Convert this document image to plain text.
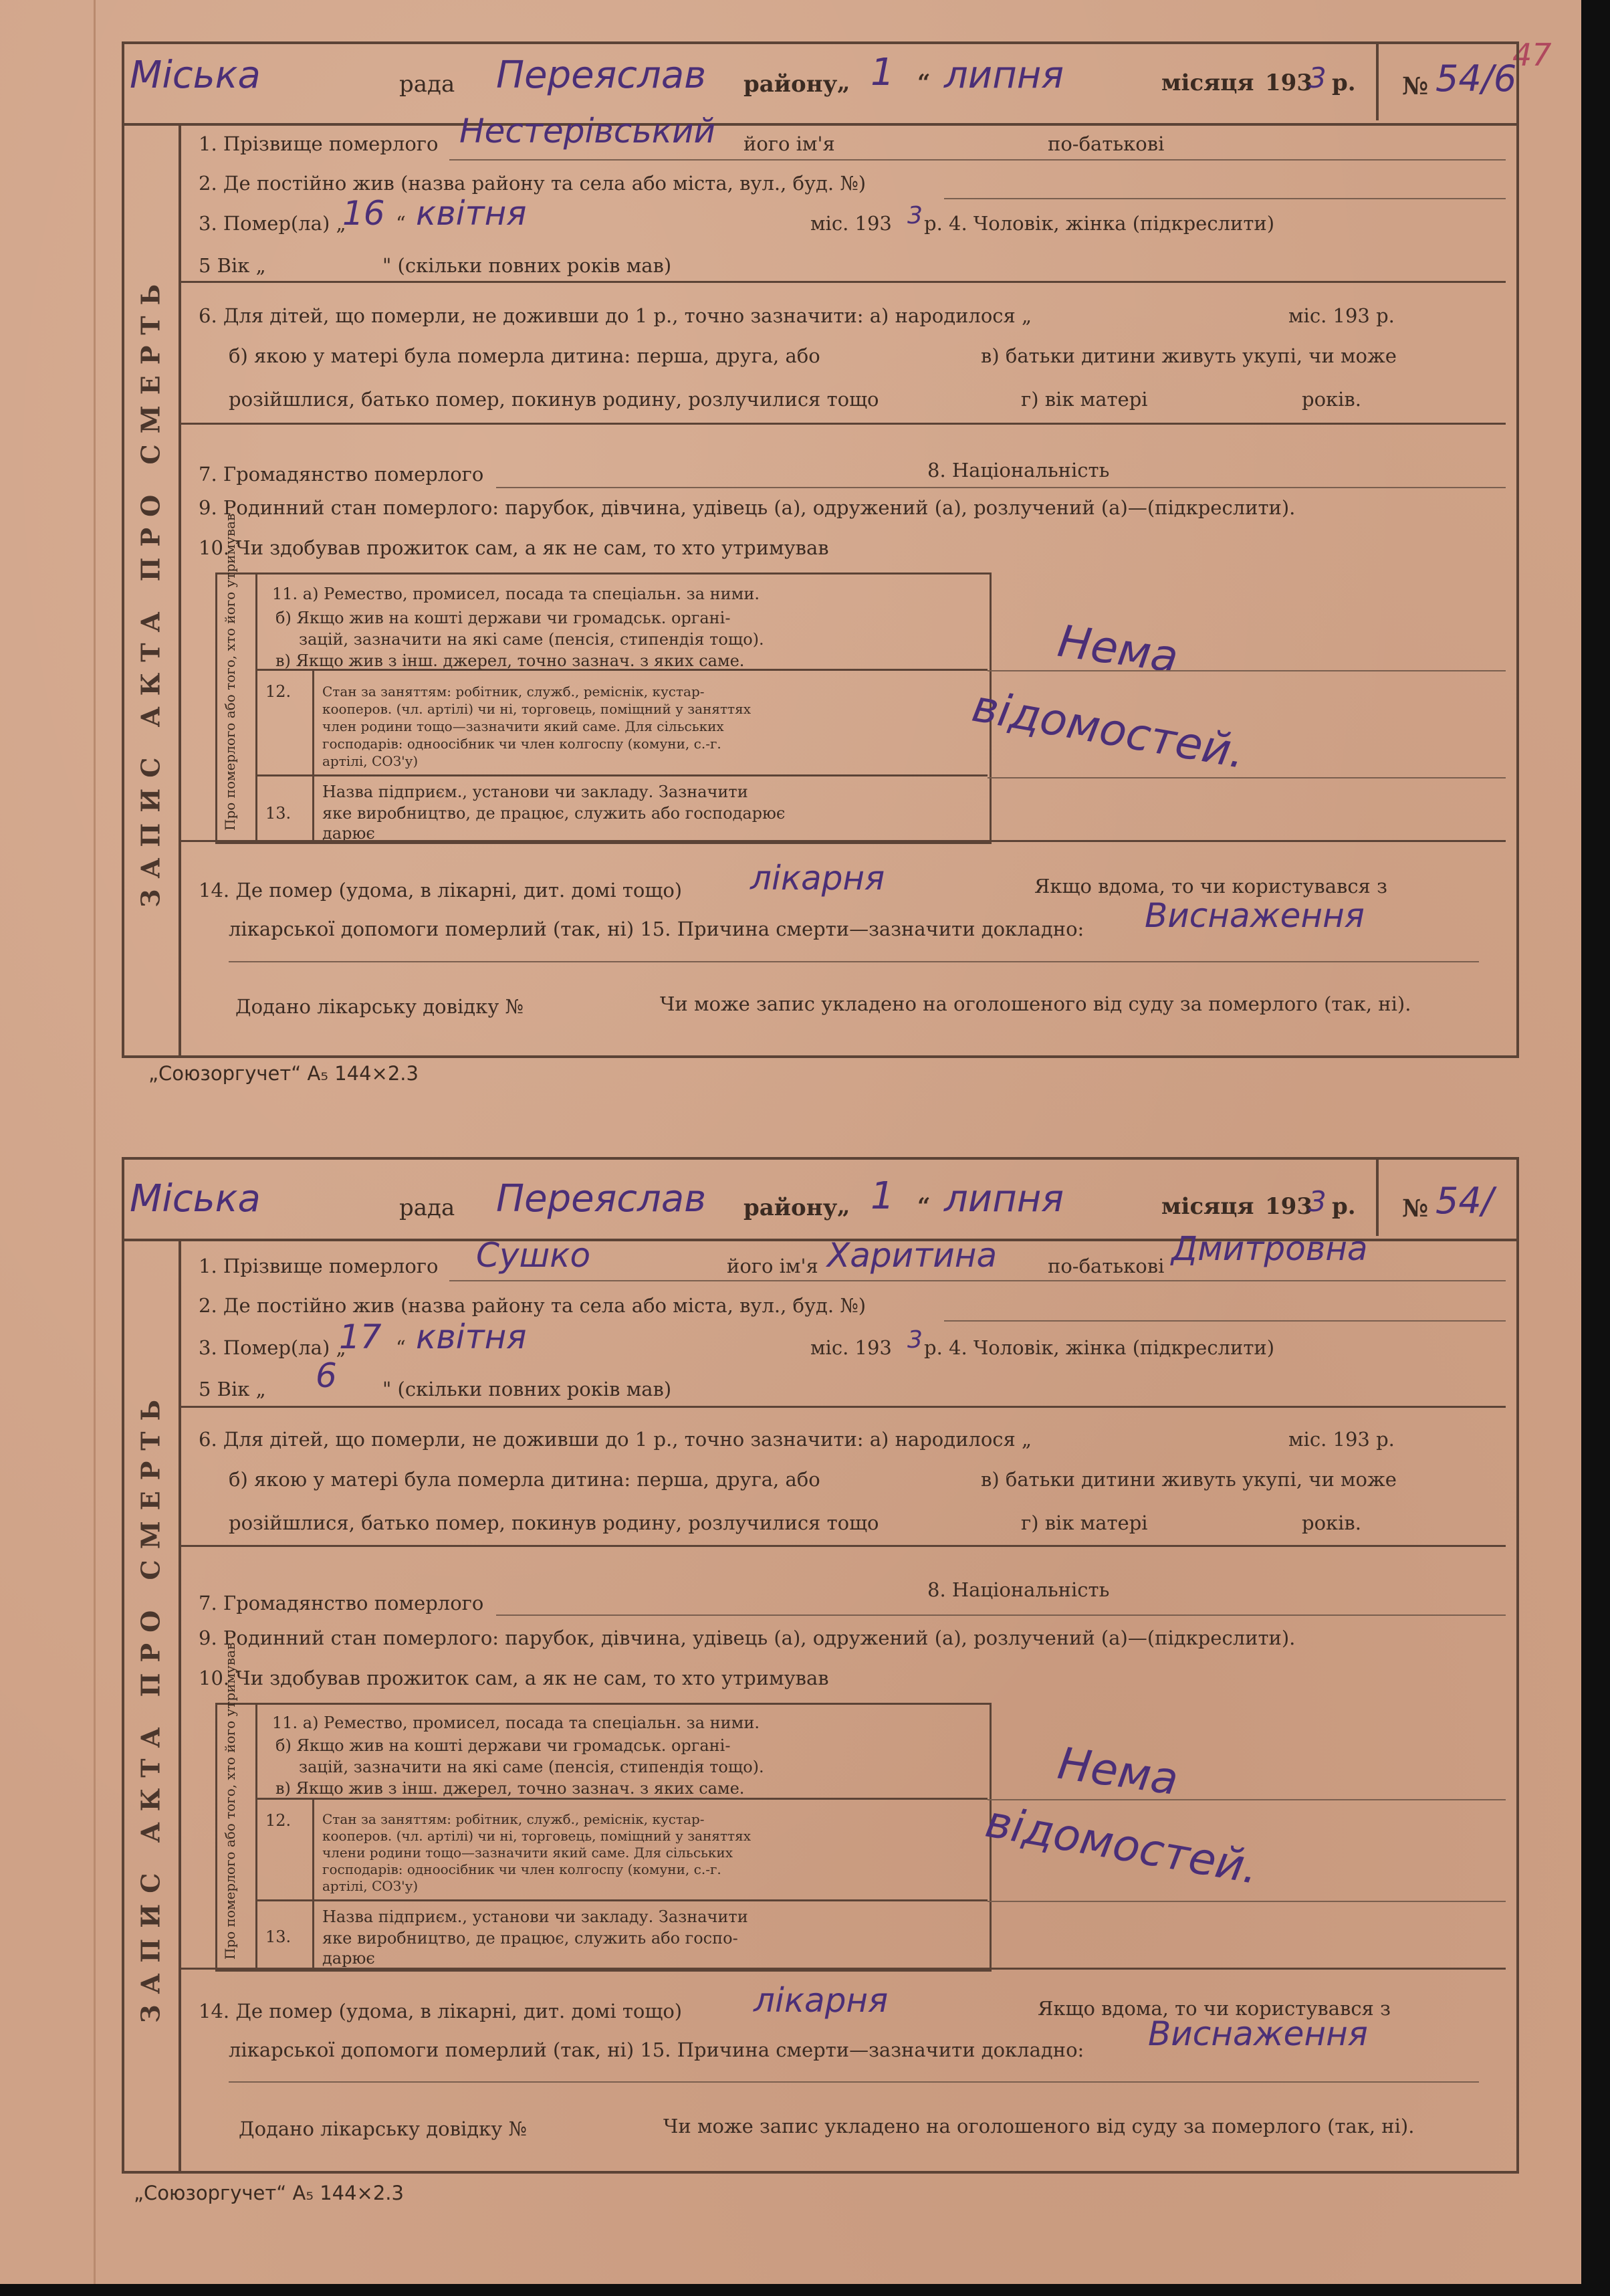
47
Міська	рада Переяслав району „ 1 “ липня	місяця 193
3 р. № 54/6
ЗАПИС АКТА ПРО СМЕРТЬ
1. Прізвище померлого Нестерівський його ім'я	по-батькові
2. Де постійно жив (назва району та села або міста, вул., буд. №)
3. Помер(ла) „
16 “ квітня	міс. 193 3 р. 4. Чоловік, жінка (підкреслити)
5 Вік „	" (скільки повних років мав)
6. Для дітей, що померли, не доживши до 1 р., точно зазначити: а) народилося „	міс. 193 р.
б) якою у матері була померла дитина: перша, друга, або	в) батьки дитини живуть укупі, чи може
розійшлися, батько помер, покинув родину, розлучилися тощо	г) вік матері	років.
7. Громадянство померлого	8. Національність
9. Родинний стан померлого: парубок, дівчина, удівець (а), одружений (а), розлучений (а)—(підкреслити).
10. Чи здобував прожиток сам, а як не сам, то хто утримував
Про померлого або того, хто його утримував 11. а) Ремество, промисел, посада та спеціальн. за ними.
б) Якщо жив на кошті держави чи громадськ. органі-
зацій, зазначити на які саме (пенсія, стипендія тощо).
в) Якщо жив з інш. джерел, точно зазнач. з яких саме.
12. Стан за заняттям: робітник, служб., реміснік, кустар-
кооперов. (чл. артілі) чи ні, торговець, поміщний у заняттях
член родини тощо—зазначити який саме. Для сільських
господарів: одноосібник чи член колгоспу (комуни, с.-г.
артілі, СОЗ'у)
13.
Назва підприєм., установи чи закладу. Зазначити
яке виробництво, де працює, служить або господарює
дарює
Нема
відомостей.
14. Де помер (удома, в лікарні, дит. домі тощо) лікарня	Якщо вдома, то чи користувався з
лікарської допомоги померлий (так, ні) 15. Причина смерти—зазначити докладно: Виснаження
Додано лікарську довідку №	Чи може запис укладено на оголошеного від суду за померлого (так, ні).
„Союзоргучет“ А₅ 144×2.3
Міська	рада Переяслав району „ 1 “ липня	місяця 193
3 р. № 54/
ЗАПИС АКТА ПРО СМЕРТЬ
1. Прізвище померлого Сушко	його ім'я Харитина	по-батькові Дмитровна
2. Де постійно жив (назва району та села або міста, вул., буд. №)
3. Помер(ла) „
17 “ квітня	міс. 193 3 р. 4. Чоловік, жінка (підкреслити)
5 Вік „ 6 " (скільки повних років мав)
6. Для дітей, що померли, не доживши до 1 р., точно зазначити: а) народилося „	міс. 193 р.
б) якою у матері була померла дитина: перша, друга, або	в) батьки дитини живуть укупі, чи може
розійшлися, батько помер, покинув родину, розлучилися тощо	г) вік матері	років.
7. Громадянство померлого
8. Національність
9. Родинний стан померлого: парубок, дівчина, удівець (а), одружений (а), розлучений (а)—(підкреслити).
10. Чи здобував прожиток сам, а як не сам, то хто утримував
Про померлого або того, хто його утримував 11. а) Ремество, промисел, посада та спеціальн. за ними.
б) Якщо жив на кошті держави чи громадськ. органі-
зацій, зазначити на які саме (пенсія, стипендія тощо).
в) Якщо жив з інш. джерел, точно зазнач. з яких саме.
12. Стан за заняттям: робітник, служб., реміснік, кустар-
кооперов. (чл. артілі) чи ні, торговець, поміщний у заняттях
члени родини тощо—зазначити який саме. Для сільських
господарів: одноосібник чи член колгоспу (комуни, с.-г.
артілі, СОЗ'у)
13.
Назва підприєм., установи чи закладу. Зазначити
яке виробництво, де працює, служить або госпо-
дарює
Нема
відомостей.
14. Де помер (удома, в лікарні, дит. домі тощо) лікарня	Якщо вдома, то чи користувався з
лікарської допомоги померлий (так, ні) 15. Причина смерти—зазначити докладно: Виснаження
Додано лікарську довідку №	Чи може запис укладено на оголошеного від суду за померлого (так, ні).
„Союзоргучет“ А₅ 144×2.3
